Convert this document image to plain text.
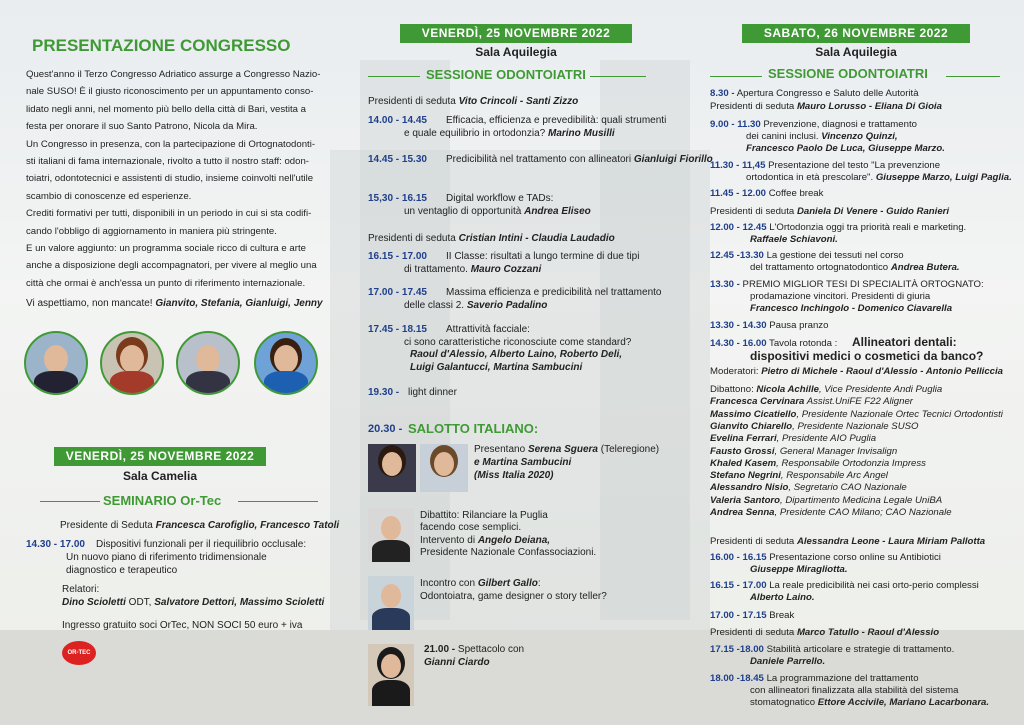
PRESENTAZIONE CONGRESSO
Quest'anno il Terzo Congresso Adriatico assurge a Congresso Nazio-
nale SUSO! È il giusto riconoscimento per un appuntamento conso-
lidato negli anni, nel momento più bello della città di Bari, vestita a
festa per onorare il suo Santo Patrono, Nicola da Mira.
Un Congresso in presenza, con la partecipazione di Ortognatodonti-
sti italiani di fama internazionale, rivolto a tutto il nostro staff: odon-
toiatri, odontotecnici e assistenti di studio, insieme coinvolti nell'utile
scambio di conoscenze ed esperienze.
Crediti formativi per tutti, disponibili in un periodo in cui si sta codifi-
cando l'obbligo di aggiornamento in maniera più stringente.
E un valore aggiunto: un programma sociale ricco di cultura e arte
anche a disposizione degli accompagnatori, per vivere al meglio una
città che ormai è anch'essa un punto di riferimento internazionale.
Vi aspettiamo, non mancate! Gianvito, Stefania, Gianluigi, Jenny
VENERDÌ, 25 NOVEMBRE 2022
Sala Camelia
SEMINARIO Or-Tec
Presidente di Seduta Francesca Carofiglio, Francesco Tatoli
14.30 - 17.00 Dispositivi funzionali per il riequilibrio occlusale:
Un nuovo piano di riferimento tridimensionale
diagnostico e terapeutico
Relatori:
Dino Scioletti ODT, Salvatore Dettori, Massimo Scioletti
Ingresso gratuito soci OrTec, NON SOCI 50 euro + iva
OR-TEC
VENERDÌ, 25 NOVEMBRE 2022
Sala Aquilegia
SESSIONE ODONTOIATRI
Presidenti di seduta Vito Crincoli - Santi Zizzo
14.00 - 14.45 Efficacia, efficienza e prevedibilità: quali strumenti
e quale equilibrio in ortodonzia? Marino Musilli
14.45 - 15.30 Predicibilità nel trattamento con allineatori Gianluigi Fiorillo
15,30 - 16.15 Digital workflow e TADs:
un ventaglio di opportunità Andrea Eliseo
Presidenti di seduta Cristian Intini - Claudia Laudadio
16.15 - 17.00 II Classe: risultati a lungo termine di due tipi
di trattamento. Mauro Cozzani
17.00 - 17.45 Massima efficienza e predicibilità nel trattamento
delle classi 2. Saverio Padalino
17.45 - 18.15 Attrattività facciale:
ci sono caratteristiche riconosciute come standard?
Raoul d'Alessio, Alberto Laino, Roberto Deli,
Luigi Galantucci, Martina Sambucini
19.30 - light dinner
20.30 - SALOTTO ITALIANO:
Presentano Serena Sguera (Teleregione)
e Martina Sambucini
(Miss Italia 2020)
Dibattito: Rilanciare la Puglia
facendo cose semplici.
Intervento di Angelo Deiana,
Presidente Nazionale Confassociazioni.
Incontro con Gilbert Gallo:
Odontoiatra, game designer o story teller?
21.00 - Spettacolo con
Gianni Ciardo
SABATO, 26 NOVEMBRE 2022
Sala Aquilegia
SESSIONE ODONTOIATRI
8.30 - Apertura Congresso e Saluto delle Autorità
Presidenti di seduta Mauro Lorusso - Eliana Di Gioia
9.00 - 11.30 Prevenzione, diagnosi e trattamento
dei canini inclusi. Vincenzo Quinzi,
Francesco Paolo De Luca, Giuseppe Marzo.
11.30 - 11,45 Presentazione del testo "La prevenzione
ortodontica in età prescolare". Giuseppe Marzo, Luigi Paglia.
11.45 - 12.00 Coffee break
Presidenti di seduta Daniela Di Venere - Guido Ranieri
12.00 - 12.45 L'Ortodonzia oggi tra priorità reali e marketing.
Raffaele Schiavoni.
12.45 -13.30 La gestione dei tessuti nel corso
del trattamento ortognatodontico Andrea Butera.
13.30 - PREMIO MIGLIOR TESI DI SPECIALITÀ ORTOGNATO:
prodamazione vincitori. Presidenti di giuria
Francesco Inchingolo - Domenico Ciavarella
13.30 - 14.30 Pausa pranzo
14.30 - 16.00 Tavola rotonda : Allineatori dentali:
dispositivi medici o cosmetici da banco?
Moderatori: Pietro di Michele - Raoul d'Alessio - Antonio Pelliccia
Dibattono: Nicola Achille, Vice Presidente Andi Puglia
Francesca Cervinara Assist.UniFE F22 Aligner
Massimo Cicatiello, Presidente Nazionale Ortec Tecnici Ortodontisti
Gianvito Chiarello, Presidente Nazionale SUSO
Evelina Ferrari, Presidente AIO Puglia
Fausto Grossi, General Manager Invisalign
Khaled Kasem, Responsabile Ortodonzia Impress
Stefano Negrini, Responsabile Arc Angel
Alessandro Nisio, Segretario CAO Nazionale
Valeria Santoro, Dipartimento Medicina Legale UniBA
Andrea Senna, Presidente CAO Milano; CAO Nazionale
Presidenti di seduta Alessandra Leone - Laura Miriam Pallotta
16.00 - 16.15 Presentazione corso online su Antibiotici
Giuseppe Miragliotta.
16.15 - 17.00 La reale predicibilità nei casi orto-perio complessi
Alberto Laino.
17.00 - 17.15 Break
Presidenti di seduta Marco Tatullo - Raoul d'Alessio
17.15 -18.00 Stabilità articolare e strategie di trattamento.
Daniele Parrello.
18.00 -18.45 La programmazione del trattamento
con allineatori finalizzata alla stabilità del sistema
stomatognatico Ettore Accivile, Mariano Lacarbonara.
